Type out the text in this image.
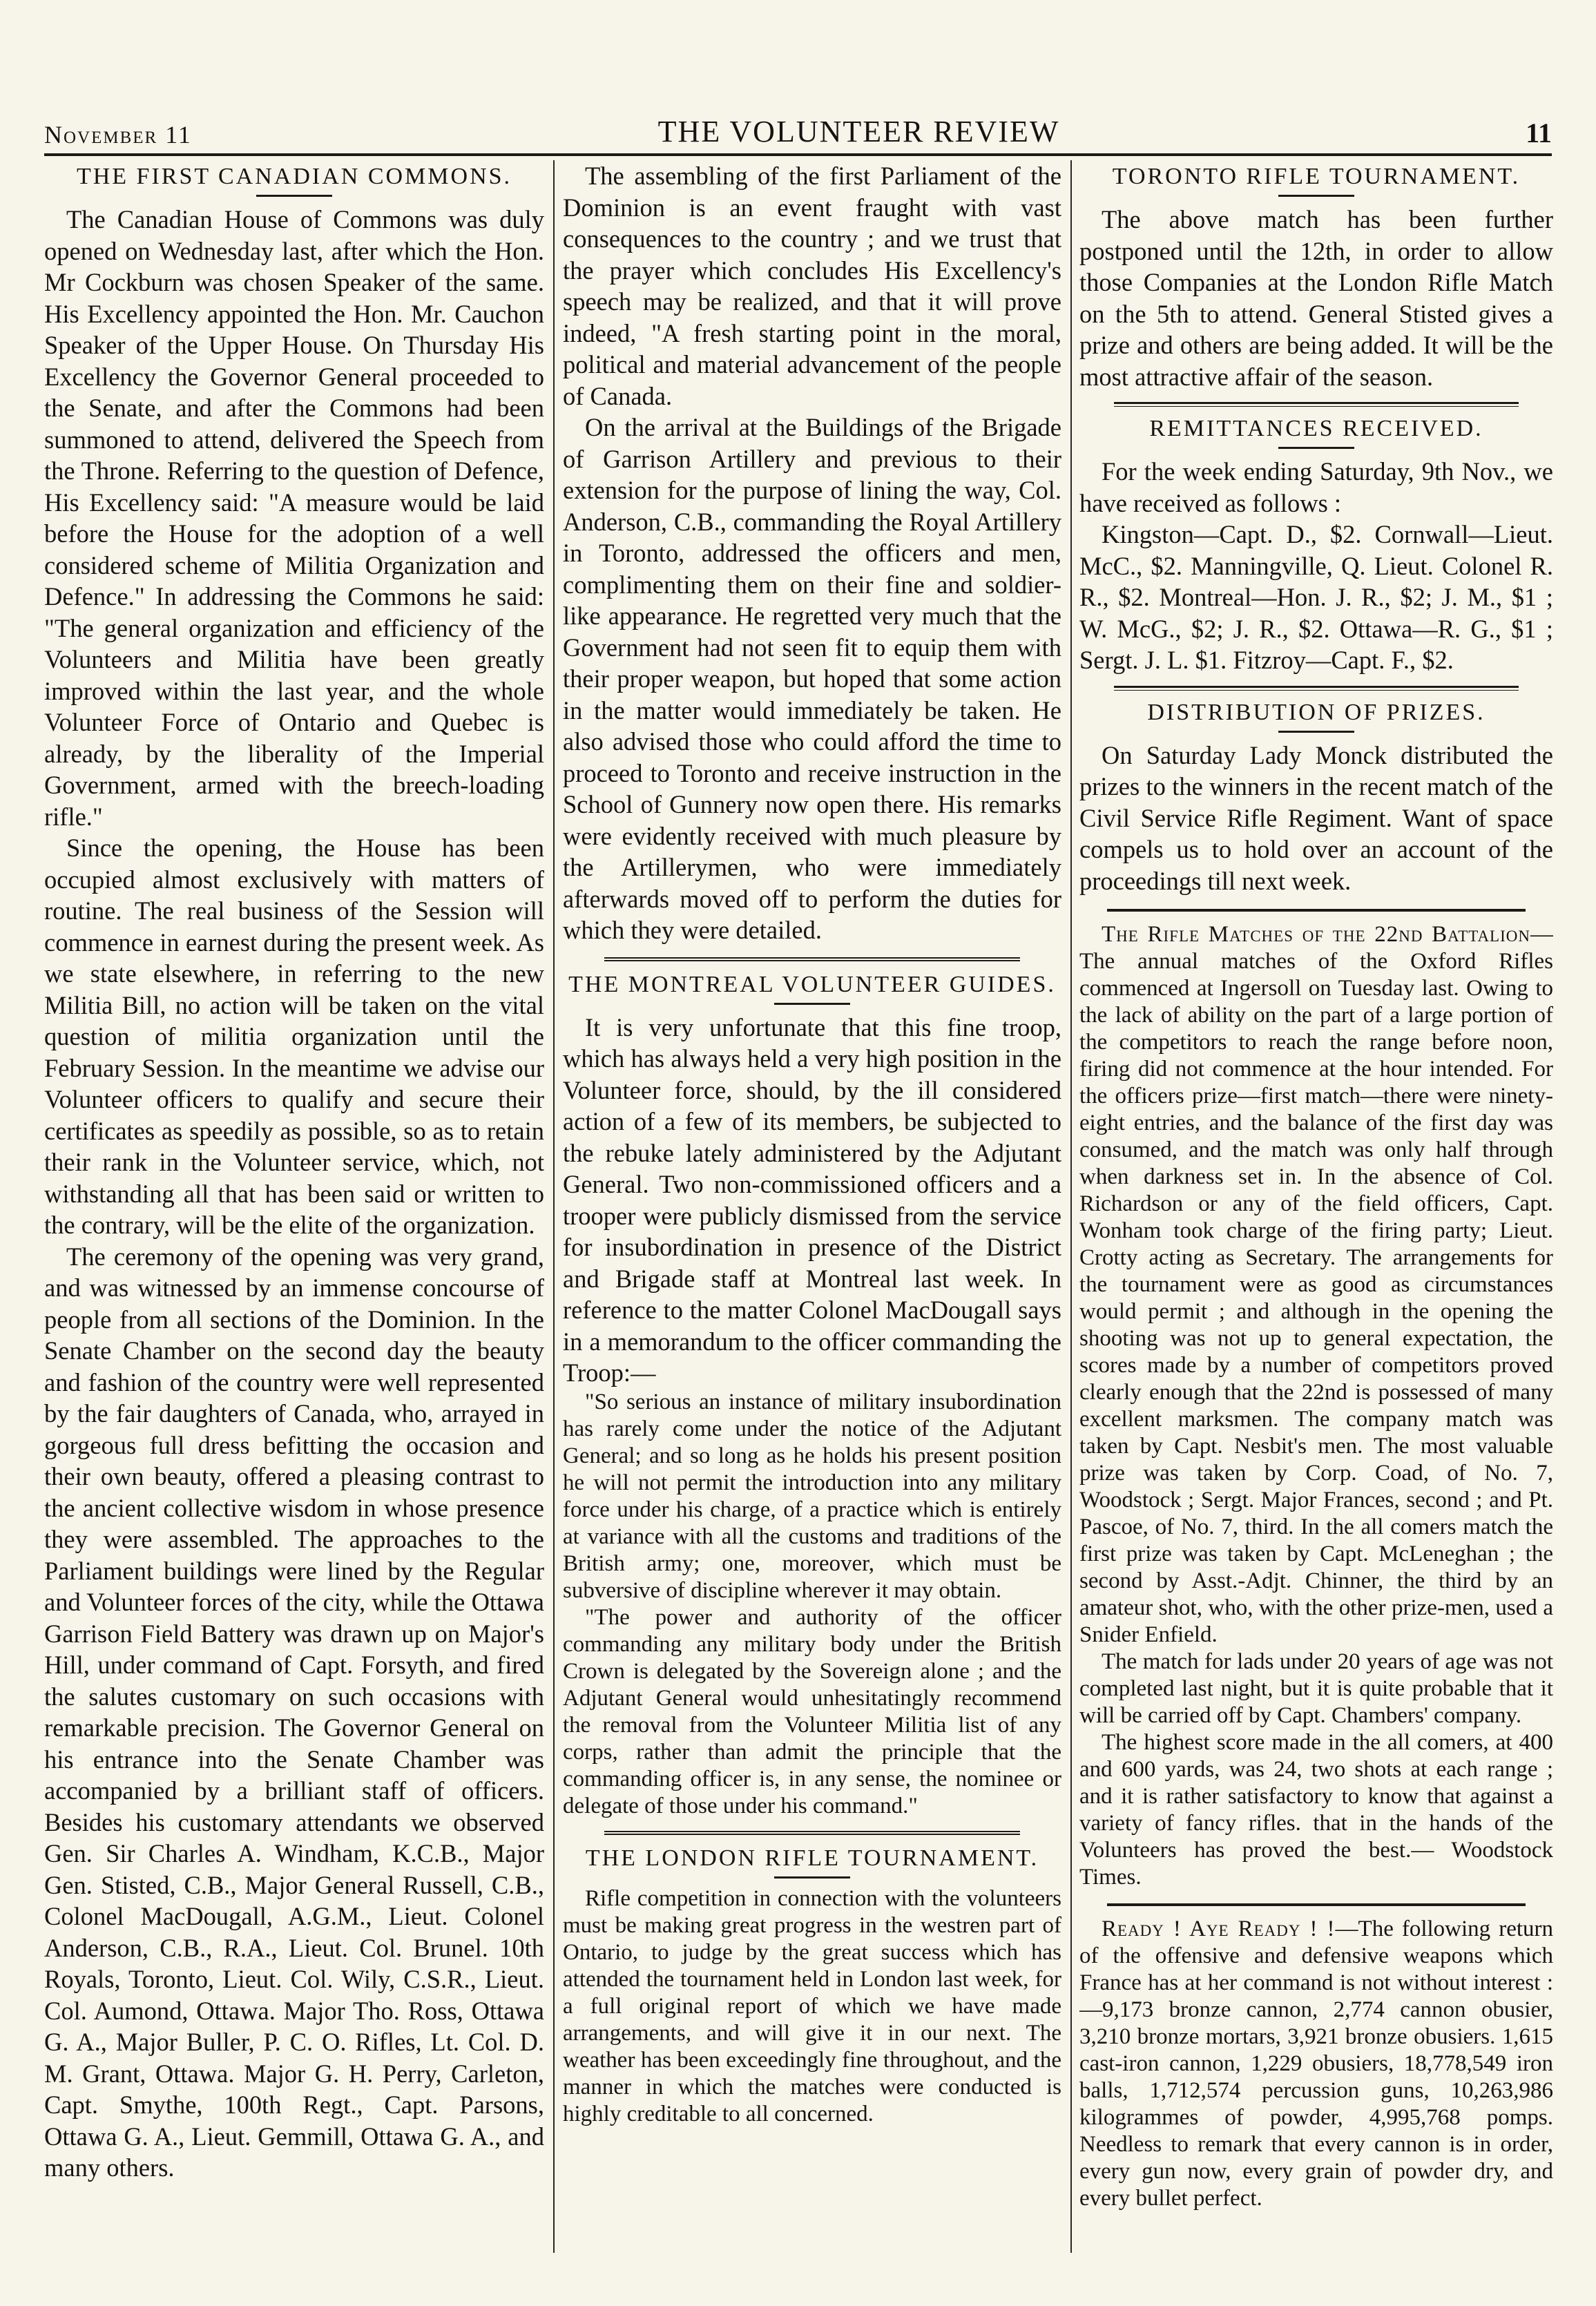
November 11	THE VOLUNTEER REVIEW	11
THE FIRST CANADIAN COMMONS.

The Canadian House of Commons was duly opened on Wednesday last, after which the Hon. Mr Cockburn was chosen Speaker of the same. His Excellency appointed the Hon. Mr. Cauchon Speaker of the Upper House. On Thursday His Excellency the Governor General proceeded to the Senate, and after the Commons had been summoned to attend, delivered the Speech from the Throne. Referring to the question of Defence, His Excellency said: "A measure would be laid before the House for the adoption of a well considered scheme of Militia Organization and Defence." In addressing the Commons he said: "The general organization and efficiency of the Volunteers and Militia have been greatly improved within the last year, and the whole Volunteer Force of Ontario and Quebec is already, by the liberality of the Imperial Government, armed with the breech-loading rifle."

Since the opening, the House has been occupied almost exclusively with matters of routine. The real business of the Session will commence in earnest during the present week. As we state elsewhere, in referring to the new Militia Bill, no action will be taken on the vital question of militia organization until the February Session. In the meantime we advise our Volunteer officers to qualify and secure their certificates as speedily as possible, so as to retain their rank in the Volunteer service, which, not withstanding all that has been said or written to the contrary, will be the elite of the organization.

The ceremony of the opening was very grand, and was witnessed by an immense concourse of people from all sections of the Dominion. In the Senate Chamber on the second day the beauty and fashion of the country were well represented by the fair daughters of Canada, who, arrayed in gorgeous full dress befitting the occasion and their own beauty, offered a pleasing contrast to the ancient collective wisdom in whose presence they were assembled. The approaches to the Parliament buildings were lined by the Regular and Volunteer forces of the city, while the Ottawa Garrison Field Battery was drawn up on Major's Hill, under command of Capt. Forsyth, and fired the salutes customary on such occasions with remarkable precision. The Governor General on his entrance into the Senate Chamber was accompanied by a brilliant staff of officers. Besides his customary attendants we observed Gen. Sir Charles A. Windham, K.C.B., Major Gen. Stisted, C.B., Major General Russell, C.B., Colonel MacDougall, A.G.M., Lieut. Colonel Anderson, C.B., R.A., Lieut. Col. Brunel. 10th Royals, Toronto, Lieut. Col. Wily, C.S.R., Lieut. Col. Aumond, Ottawa. Major Tho. Ross, Ottawa G. A., Major Buller, P. C. O. Rifles, Lt. Col. D. M. Grant, Ottawa. Major G. H. Perry, Carleton, Capt. Smythe, 100th Regt., Capt. Parsons, Ottawa G. A., Lieut. Gemmill, Ottawa G. A., and many others.

The assembling of the first Parliament of the Dominion is an event fraught with vast consequences to the country ; and we trust that the prayer which concludes His Excellency's speech may be realized, and that it will prove indeed, "A fresh starting point in the moral, political and material advancement of the people of Canada.

On the arrival at the Buildings of the Brigade of Garrison Artillery and previous to their extension for the purpose of lining the way, Col. Anderson, C.B., commanding the Royal Artillery in Toronto, addressed the officers and men, complimenting them on their fine and soldier-like appearance. He regretted very much that the Government had not seen fit to equip them with their proper weapon, but hoped that some action in the matter would immediately be taken. He also advised those who could afford the time to proceed to Toronto and receive instruction in the School of Gunnery now open there. His remarks were evidently received with much pleasure by the Artillerymen, who were immediately afterwards moved off to perform the duties for which they were detailed.

THE MONTREAL VOLUNTEER GUIDES.

It is very unfortunate that this fine troop, which has always held a very high position in the Volunteer force, should, by the ill considered action of a few of its members, be subjected to the rebuke lately administered by the Adjutant General. Two non-commissioned officers and a trooper were publicly dismissed from the service for insubordination in presence of the District and Brigade staff at Montreal last week. In reference to the matter Colonel MacDougall says in a memorandum to the officer commanding the Troop:—

"So serious an instance of military insubordination has rarely come under the notice of the Adjutant General; and so long as he holds his present position he will not permit the introduction into any military force under his charge, of a practice which is entirely at variance with all the customs and traditions of the British army; one, moreover, which must be subversive of discipline wherever it may obtain.

"The power and authority of the officer commanding any military body under the British Crown is delegated by the Sovereign alone ; and the Adjutant General would unhesitatingly recommend the removal from the Volunteer Militia list of any corps, rather than admit the principle that the commanding officer is, in any sense, the nominee or delegate of those under his command."

THE LONDON RIFLE TOURNAMENT.

Rifle competition in connection with the volunteers must be making great progress in the westren part of Ontario, to judge by the great success which has attended the tournament held in London last week, for a full original report of which we have made arrangements, and will give it in our next. The weather has been exceedingly fine throughout, and the manner in which the matches were conducted is highly creditable to all concerned.

TORONTO RIFLE TOURNAMENT.

The above match has been further postponed until the 12th, in order to allow those Companies at the London Rifle Match on the 5th to attend. General Stisted gives a prize and others are being added. It will be the most attractive affair of the season.

REMITTANCES RECEIVED.

For the week ending Saturday, 9th Nov., we have received as follows :

Kingston—Capt. D., $2. Cornwall—Lieut. McC., $2. Manningville, Q. Lieut. Colonel R. R., $2. Montreal—Hon. J. R., $2; J. M., $1 ; W. McG., $2; J. R., $2. Ottawa—R. G., $1 ; Sergt. J. L. $1. Fitzroy—Capt. F., $2.

DISTRIBUTION OF PRIZES.

On Saturday Lady Monck distributed the prizes to the winners in the recent match of the Civil Service Rifle Regiment. Want of space compels us to hold over an account of the proceedings till next week.

The Rifle Matches of the 22nd Battalion—The annual matches of the Oxford Rifles commenced at Ingersoll on Tuesday last. Owing to the lack of ability on the part of a large portion of the competitors to reach the range before noon, firing did not commence at the hour intended. For the officers prize—first match—there were ninety-eight entries, and the balance of the first day was consumed, and the match was only half through when darkness set in. In the absence of Col. Richardson or any of the field officers, Capt. Wonham took charge of the firing party; Lieut. Crotty acting as Secretary. The arrangements for the tournament were as good as circumstances would permit ; and although in the opening the shooting was not up to general expectation, the scores made by a number of competitors proved clearly enough that the 22nd is possessed of many excellent marksmen. The company match was taken by Capt. Nesbit's men. The most valuable prize was taken by Corp. Coad, of No. 7, Woodstock ; Sergt. Major Frances, second ; and Pt. Pascoe, of No. 7, third. In the all comers match the first prize was taken by Capt. McLeneghan ; the second by Asst.-Adjt. Chinner, the third by an amateur shot, who, with the other prize-men, used a Snider Enfield.

The match for lads under 20 years of age was not completed last night, but it is quite probable that it will be carried off by Capt. Chambers' company.

The highest score made in the all comers, at 400 and 600 yards, was 24, two shots at each range ; and it is rather satisfactory to know that against a variety of fancy rifles. that in the hands of the Volunteers has proved the best.— Woodstock Times.

Ready ! Aye Ready ! !—The following return of the offensive and defensive weapons which France has at her command is not without interest :—9,173 bronze cannon, 2,774 cannon obusier, 3,210 bronze mortars, 3,921 bronze obusiers. 1,615 cast-iron cannon, 1,229 obusiers, 18,778,549 iron balls, 1,712,574 percussion guns, 10,263,986 kilogrammes of powder, 4,995,768 pomps. Needless to remark that every cannon is in order, every gun now, every grain of powder dry, and every bullet perfect.
